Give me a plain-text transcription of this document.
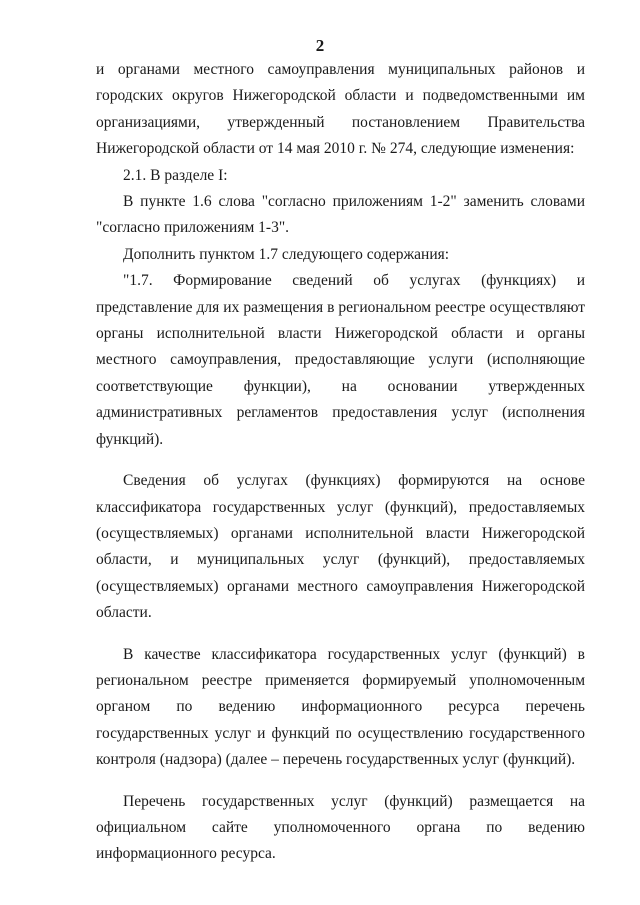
2

и органами местного самоуправления муниципальных районов и городских округов Нижегородской области и подведомственными им организациями, утвержденный постановлением Правительства Нижегородской области от 14 мая 2010 г. № 274, следующие изменения:

2.1. В разделе I:

В пункте 1.6 слова "согласно приложениям 1-2" заменить словами "согласно приложениям 1-3".

Дополнить пунктом 1.7 следующего содержания:

"1.7. Формирование сведений об услугах (функциях) и представление для их размещения в региональном реестре осуществляют органы исполнительной власти Нижегородской области и органы местного самоуправления, предоставляющие услуги (исполняющие соответствующие функции), на основании утвержденных административных регламентов предоставления услуг (исполнения функций).

Сведения об услугах (функциях) формируются на основе классификатора государственных услуг (функций), предоставляемых (осуществляемых) органами исполнительной власти Нижегородской области, и муниципальных услуг (функций), предоставляемых (осуществляемых) органами местного самоуправления Нижегородской области.

В качестве классификатора государственных услуг (функций) в региональном реестре применяется формируемый уполномоченным органом по ведению информационного ресурса перечень государственных услуг и функций по осуществлению государственного контроля (надзора) (далее – перечень государственных услуг (функций).

Перечень государственных услуг (функций) размещается на официальном сайте уполномоченного органа по ведению информационного ресурса.
